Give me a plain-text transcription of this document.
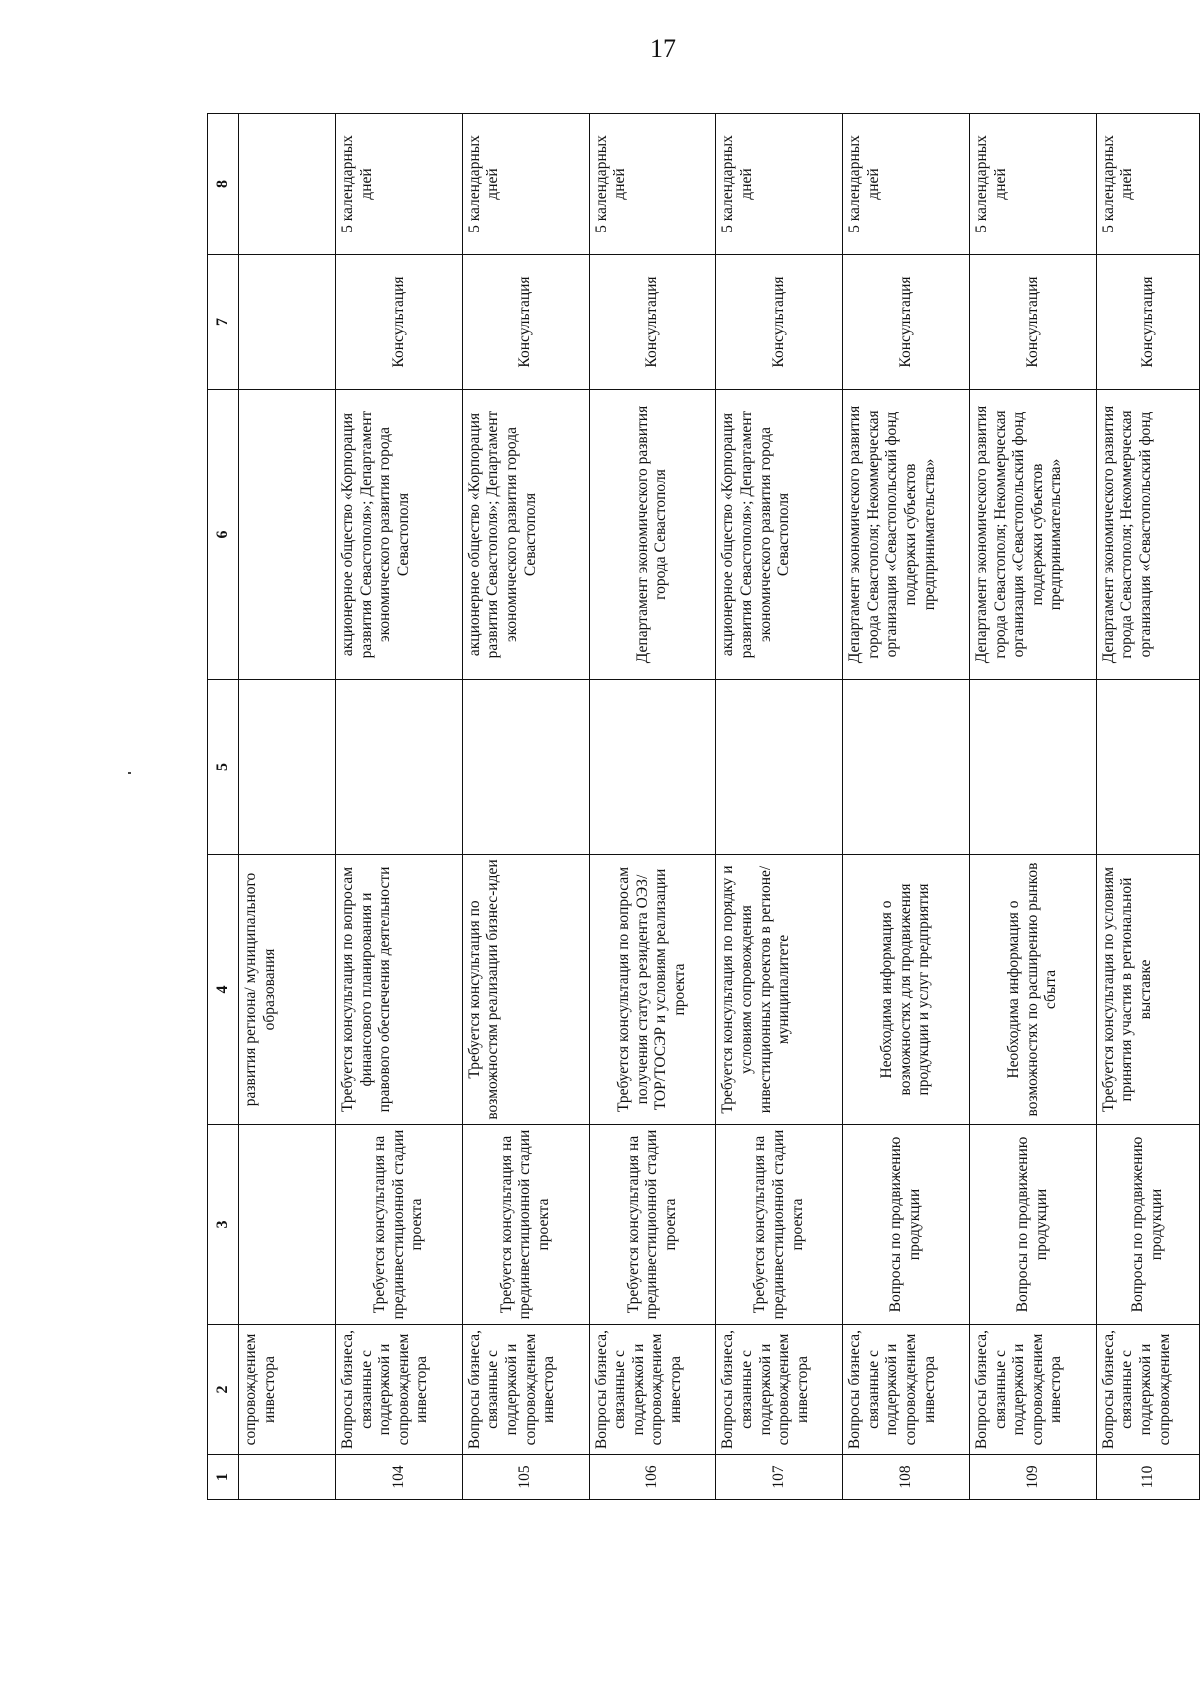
17
1	2	3	4	5	6	7	8
	сопровождением инвестора		развития региона/ муниципального образования				
104	Вопросы бизнеса, связанные с поддержкой и сопровождением инвестора	Требуется консультация на прединвестиционной стадии проекта	Требуется консультация по вопросам финансового планирования и правового обеспечения деятельности		акционерное общество «Корпорация развития Севастополя»; Департамент экономического развития города Севастополя	Консультация	5 календарных дней
105	Вопросы бизнеса, связанные с поддержкой и сопровождением инвестора	Требуется консультация на прединвестиционной стадии проекта	Требуется консультация по возможностям реализации бизнес-идеи		акционерное общество «Корпорация развития Севастополя»; Департамент экономического развития города Севастополя	Консультация	5 календарных дней
106	Вопросы бизнеса, связанные с поддержкой и сопровождением инвестора	Требуется консультация на прединвестиционной стадии проекта	Требуется консультация по вопросам получения статуса резидента ОЭЗ/ТОР/ТОСЭР и условиям реализации проекта		Департамент экономического развития города Севастополя	Консультация	5 календарных дней
107	Вопросы бизнеса, связанные с поддержкой и сопровождением инвестора	Требуется консультация на прединвестиционной стадии проекта	Требуется консультация по порядку и условиям сопровождения инвестиционных проектов в регионе/муниципалитете		акционерное общество «Корпорация развития Севастополя»; Департамент экономического развития города Севастополя	Консультация	5 календарных дней
108	Вопросы бизнеса, связанные с поддержкой и сопровождением инвестора	Вопросы по продвижению продукции	Необходима информация о возможностях для продвижения продукции и услуг предприятия		Департамент экономического развития города Севастополя; Некоммерческая организация «Севастопольский фонд поддержки субъектов предпринимательства»	Консультация	5 календарных дней
109	Вопросы бизнеса, связанные с поддержкой и сопровождением инвестора	Вопросы по продвижению продукции	Необходима информация о возможностях по расширению рынков сбыта		Департамент экономического развития города Севастополя; Некоммерческая организация «Севастопольский фонд поддержки субъектов предпринимательства»	Консультация	5 календарных дней
110	Вопросы бизнеса, связанные с поддержкой и сопровождением	Вопросы по продвижению продукции	Требуется консультация по условиям принятия участия в региональной выставке		Департамент экономического развития города Севастополя; Некоммерческая организация «Севастопольский фонд	Консультация	5 календарных дней
